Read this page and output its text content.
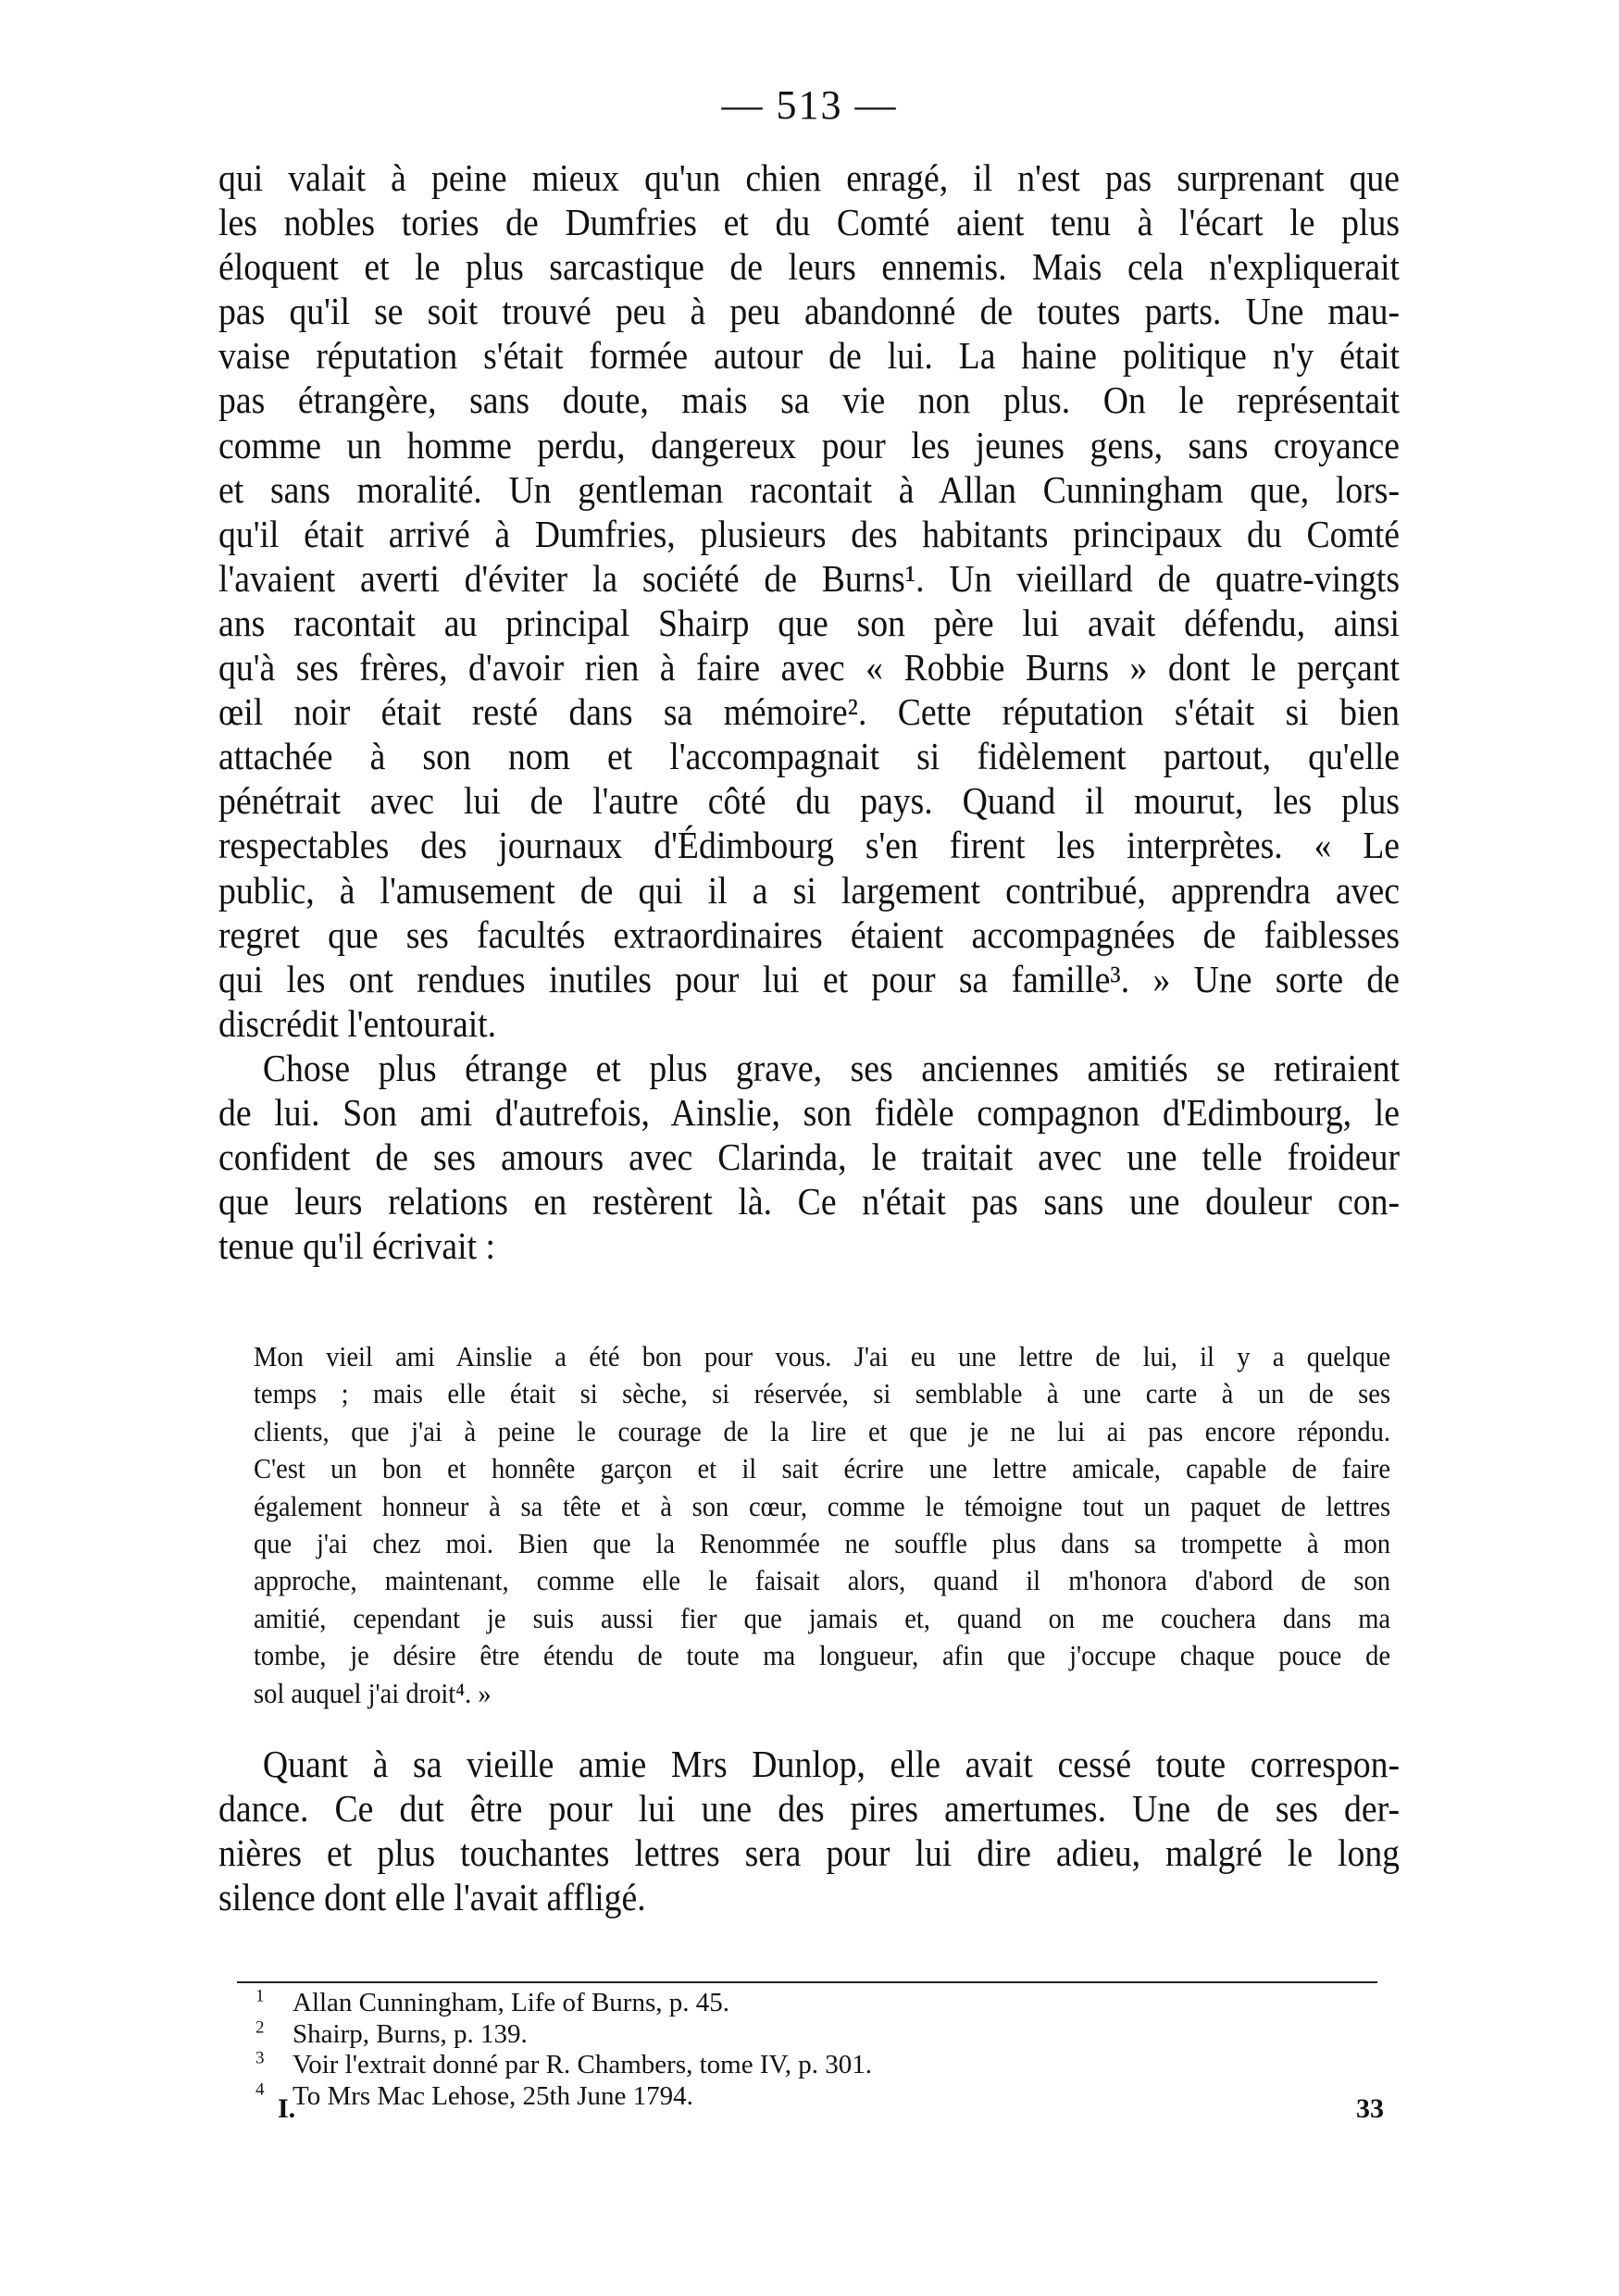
— 513 —
qui valait à peine mieux qu'un chien enragé, il n'est pas surprenant que
les nobles tories de Dumfries et du Comté aient tenu à l'écart le plus
éloquent et le plus sarcastique de leurs ennemis. Mais cela n'expliquerait
pas qu'il se soit trouvé peu à peu abandonné de toutes parts. Une mau-
vaise réputation s'était formée autour de lui. La haine politique n'y était
pas étrangère, sans doute, mais sa vie non plus. On le représentait
comme un homme perdu, dangereux pour les jeunes gens, sans croyance
et sans moralité. Un gentleman racontait à Allan Cunningham que, lors-
qu'il était arrivé à Dumfries, plusieurs des habitants principaux du Comté
l'avaient averti d'éviter la société de Burns¹. Un vieillard de quatre-vingts
ans racontait au principal Shairp que son père lui avait défendu, ainsi
qu'à ses frères, d'avoir rien à faire avec « Robbie Burns » dont le perçant
œil noir était resté dans sa mémoire². Cette réputation s'était si bien
attachée à son nom et l'accompagnait si fidèlement partout, qu'elle
pénétrait avec lui de l'autre côté du pays. Quand il mourut, les plus
respectables des journaux d'Édimbourg s'en firent les interprètes. « Le
public, à l'amusement de qui il a si largement contribué, apprendra avec
regret que ses facultés extraordinaires étaient accompagnées de faiblesses
qui les ont rendues inutiles pour lui et pour sa famille³. » Une sorte de
discrédit l'entourait.
Chose plus étrange et plus grave, ses anciennes amitiés se retiraient
de lui. Son ami d'autrefois, Ainslie, son fidèle compagnon d'Edimbourg, le
confident de ses amours avec Clarinda, le traitait avec une telle froideur
que leurs relations en restèrent là. Ce n'était pas sans une douleur con-
tenue qu'il écrivait :
Mon vieil ami Ainslie a été bon pour vous. J'ai eu une lettre de lui, il y a quelque
temps ; mais elle était si sèche, si réservée, si semblable à une carte à un de ses
clients, que j'ai à peine le courage de la lire et que je ne lui ai pas encore répondu.
C'est un bon et honnête garçon et il sait écrire une lettre amicale, capable de faire
également honneur à sa tête et à son cœur, comme le témoigne tout un paquet de lettres
que j'ai chez moi. Bien que la Renommée ne souffle plus dans sa trompette à mon
approche, maintenant, comme elle le faisait alors, quand il m'honora d'abord de son
amitié, cependant je suis aussi fier que jamais et, quand on me couchera dans ma
tombe, je désire être étendu de toute ma longueur, afin que j'occupe chaque pouce de
sol auquel j'ai droit⁴. »
Quant à sa vieille amie Mrs Dunlop, elle avait cessé toute correspon-
dance. Ce dut être pour lui une des pires amertumes. Une de ses der-
nières et plus touchantes lettres sera pour lui dire adieu, malgré le long
silence dont elle l'avait affligé.
$^1$ Allan Cunningham, Life of Burns, p. 45.
$^2$ Shairp, Burns, p. 139.
$^3$ Voir l'extrait donné par R. Chambers, tome IV, p. 301.
$^4$ To Mrs Mac Lehose, 25th June 1794.
I.	33
